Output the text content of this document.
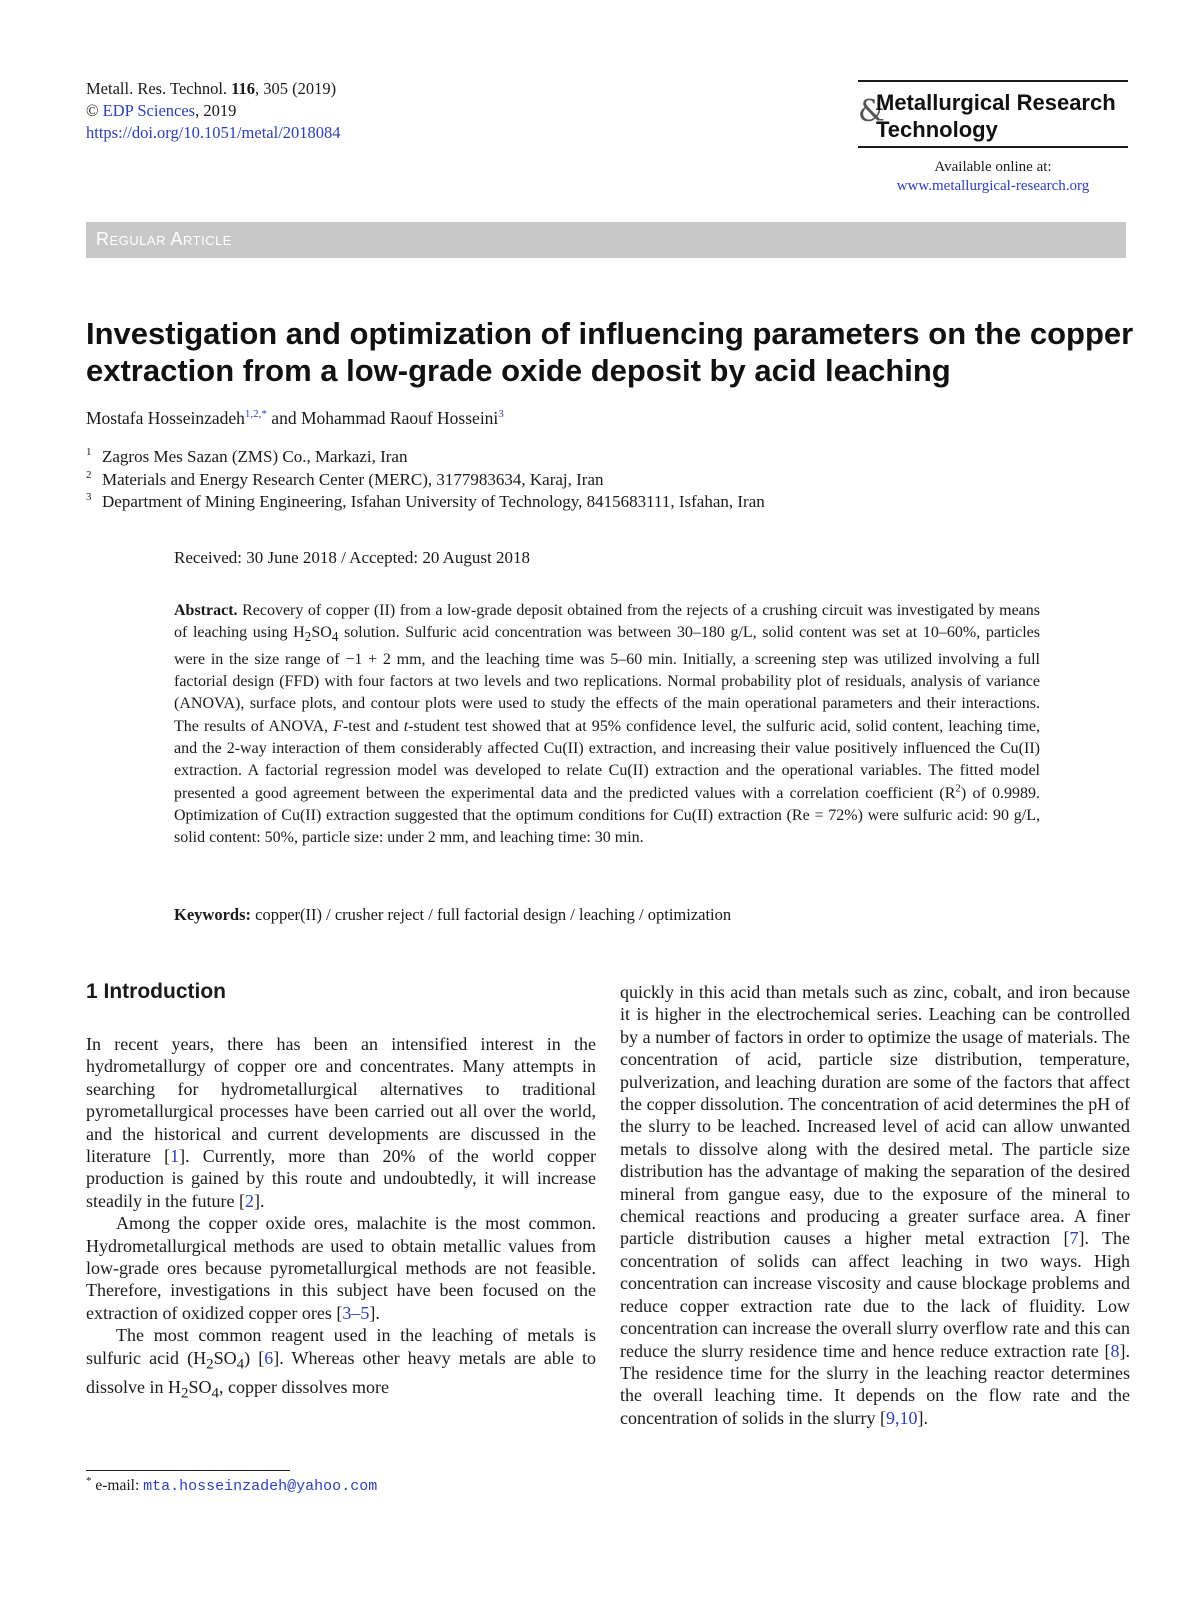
Metall. Res. Technol. 116, 305 (2019)
© EDP Sciences, 2019
https://doi.org/10.1051/metal/2018084
&
Metallurgical Research
Technology
Available online at:
www.metallurgical-research.org
Regular Article
Investigation and optimization of influencing parameters on the copper extraction from a low-grade oxide deposit by acid leaching
Mostafa Hosseinzadeh$^{1,2,*}$ and Mohammad Raouf Hosseini$^3$
1 Zagros Mes Sazan (ZMS) Co., Markazi, Iran
2 Materials and Energy Research Center (MERC), 3177983634, Karaj, Iran
3 Department of Mining Engineering, Isfahan University of Technology, 8415683111, Isfahan, Iran
Received: 30 June 2018 / Accepted: 20 August 2018
Abstract. Recovery of copper (II) from a low-grade deposit obtained from the rejects of a crushing circuit was investigated by means of leaching using $H_2SO_4$ solution. Sulfuric acid concentration was between 30–180 g/L, solid content was set at 10–60%, particles were in the size range of −1 + 2 mm, and the leaching time was 5–60 min. Initially, a screening step was utilized involving a full factorial design (FFD) with four factors at two levels and two replications. Normal probability plot of residuals, analysis of variance (ANOVA), surface plots, and contour plots were used to study the effects of the main operational parameters and their interactions. The results of ANOVA, F-test and t-student test showed that at 95% confidence level, the sulfuric acid, solid content, leaching time, and the 2-way interaction of them considerably affected Cu(II) extraction, and increasing their value positively influenced the Cu(II) extraction. A factorial regression model was developed to relate Cu(II) extraction and the operational variables. The fitted model presented a good agreement between the experimental data and the predicted values with a correlation coefficient $(R^2)$ of 0.9989. Optimization of Cu(II) extraction suggested that the optimum conditions for Cu(II) extraction (Re = 72%) were sulfuric acid: 90 g/L, solid content: 50%, particle size: under 2 mm, and leaching time: 30 min.
Keywords: copper(II) / crusher reject / full factorial design / leaching / optimization
1 Introduction

In recent years, there has been an intensified interest in the hydrometallurgy of copper ore and concentrates. Many attempts in searching for hydrometallurgical alternatives to traditional pyrometallurgical processes have been carried out all over the world, and the historical and current developments are discussed in the literature [1]. Currently, more than 20% of the world copper production is gained by this route and undoubtedly, it will increase steadily in the future [2].

Among the copper oxide ores, malachite is the most common. Hydrometallurgical methods are used to obtain metallic values from low-grade ores because pyrometallurgical methods are not feasible. Therefore, investigations in this subject have been focused on the extraction of oxidized copper ores [3–5].

The most common reagent used in the leaching of metals is sulfuric acid $(H_2SO_4)$ [6]. Whereas other heavy metals are able to dissolve in $H_2SO_4$, copper dissolves more

quickly in this acid than metals such as zinc, cobalt, and iron because it is higher in the electrochemical series. Leaching can be controlled by a number of factors in order to optimize the usage of materials. The concentration of acid, particle size distribution, temperature, pulverization, and leaching duration are some of the factors that affect the copper dissolution. The concentration of acid determines the pH of the slurry to be leached. Increased level of acid can allow unwanted metals to dissolve along with the desired metal. The particle size distribution has the advantage of making the separation of the desired mineral from gangue easy, due to the exposure of the mineral to chemical reactions and producing a greater surface area. A finer particle distribution causes a higher metal extraction [7]. The concentration of solids can affect leaching in two ways. High concentration can increase viscosity and cause blockage problems and reduce copper extraction rate due to the lack of fluidity. Low concentration can increase the overall slurry overflow rate and this can reduce the slurry residence time and hence reduce extraction rate [8]. The residence time for the slurry in the leaching reactor determines the overall leaching time. It depends on the flow rate and the concentration of solids in the slurry [9,10].

* e-mail: mta.hosseinzadeh@yahoo.com
